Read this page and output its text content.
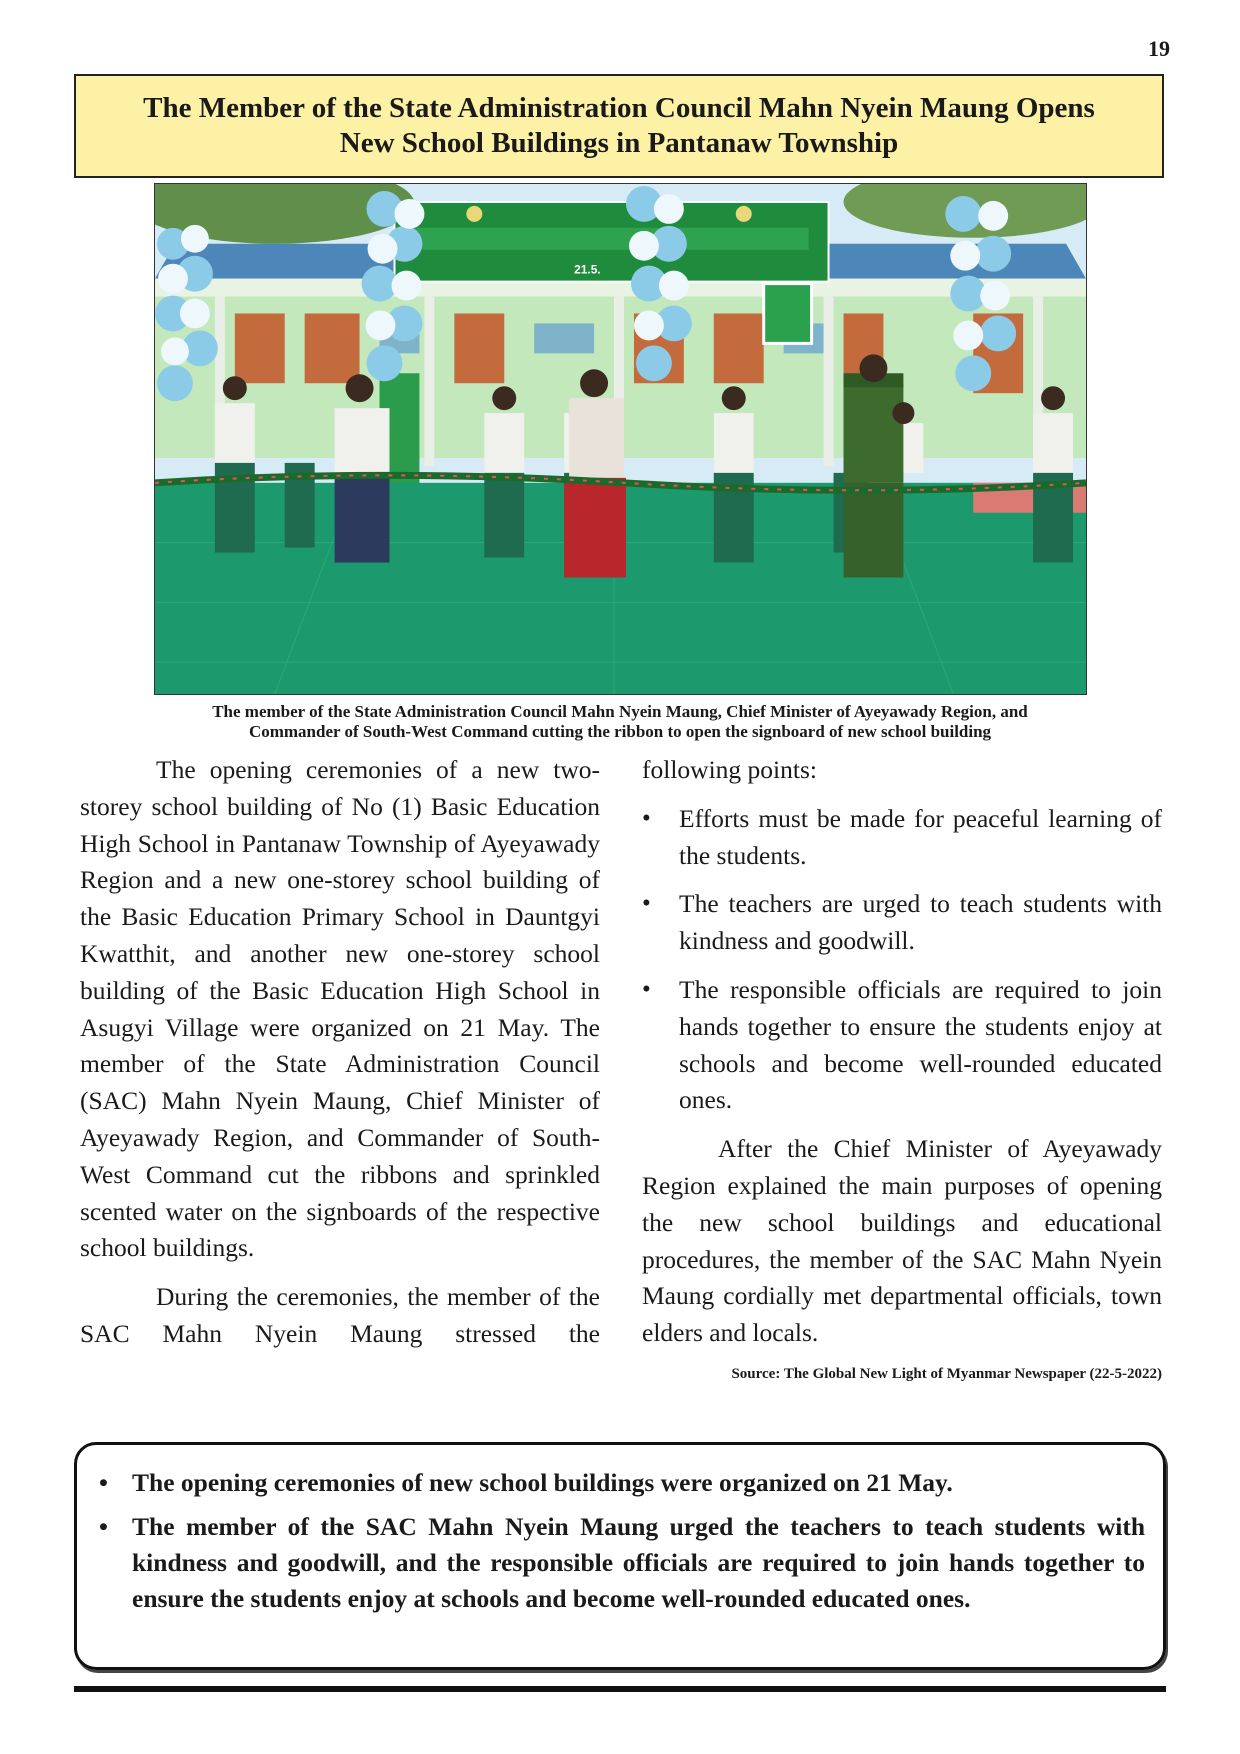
19
The Member of the State Administration Council Mahn Nyein Maung Opens
New School Buildings in Pantanaw Township
21.5.
The member of the State Administration Council Mahn Nyein Maung, Chief Minister of Ayeyawady Region, and
Commander of South-West Command cutting the ribbon to open the signboard of new school building

The opening ceremonies of a new two-storey school building of No (1) Basic Education High School in Pantanaw Township of Ayeyawady Region and a new one-storey school building of the Basic Education Primary School in Dauntgyi Kwatthit, and another new one-storey school building of the Basic Education High School in Asugyi Village were organized on 21 May. The member of the State Administration Council (SAC) Mahn Nyein Maung, Chief Minister of Ayeyawady Region, and Commander of South-West Command cut the ribbons and sprinkled scented water on the signboards of the respective school buildings.

During the ceremonies, the member of the SAC Mahn Nyein Maung stressed the

following points:

• Efforts must be made for peaceful learning of the students.
• The teachers are urged to teach students with kindness and goodwill.
• The responsible officials are required to join hands together to ensure the students enjoy at schools and become well-rounded educated ones.

After the Chief Minister of Ayeyawady Region explained the main purposes of opening the new school buildings and educational procedures, the member of the SAC Mahn Nyein Maung cordially met departmental officials, town elders and locals.

Source: The Global New Light of Myanmar Newspaper (22-5-2022)

• The opening ceremonies of new school buildings were organized on 21 May.
• The member of the SAC Mahn Nyein Maung urged the teachers to teach students with kindness and goodwill, and the responsible officials are required to join hands together to ensure the students enjoy at schools and become well-rounded educated ones.
